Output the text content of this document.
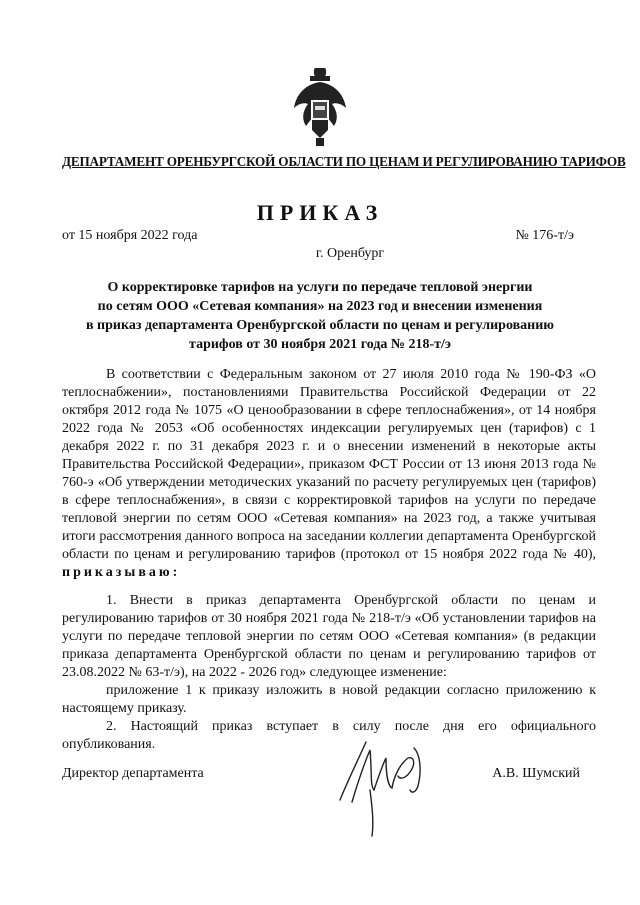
ДЕПАРТАМЕНТ ОРЕНБУРГСКОЙ ОБЛАСТИ ПО ЦЕНАМ И РЕГУЛИРОВАНИЮ ТАРИФОВ
ПРИКАЗ
от 15 ноября 2022 года	№ 176-т/э
г. Оренбург
О корректировке тарифов на услуги по передаче тепловой энергии
по сетям ООО «Сетевая компания» на 2023 год и внесении изменения
в приказ департамента Оренбургской области по ценам и регулированию
тарифов от 30 ноября 2021 года № 218-т/э
В соответствии с Федеральным законом от 27 июля 2010 года № 190-ФЗ «О теплоснабжении», постановлениями Правительства Российской Федерации от 22 октября 2012 года № 1075 «О ценообразовании в сфере теплоснабжения», от 14 ноября 2022 года № 2053 «Об особенностях индексации регулируемых цен (тарифов) с 1 декабря 2022 г. по 31 декабря 2023 г. и о внесении изменений в некоторые акты Правительства Российской Федерации», приказом ФСТ России от 13 июня 2013 года № 760-э «Об утверждении методических указаний по расчету регулируемых цен (тарифов) в сфере теплоснабжения», в связи с корректировкой тарифов на услуги по передаче тепловой энергии по сетям ООО «Сетевая компания» на 2023 год, а также учитывая итоги рассмотрения данного вопроса на заседании коллегии департамента Оренбургской области по ценам и регулированию тарифов (протокол от 15 ноября 2022 года № 40), приказываю:
1. Внести в приказ департамента Оренбургской области по ценам и регулированию тарифов от 30 ноября 2021 года № 218-т/э «Об установлении тарифов на услуги по передаче тепловой энергии по сетям ООО «Сетевая компания» (в редакции приказа департамента Оренбургской области по ценам и регулированию тарифов от 23.08.2022 № 63-т/э), на 2022 - 2026 год» следующее изменение:
приложение 1 к приказу изложить в новой редакции согласно приложению к настоящему приказу.
2. Настоящий приказ вступает в силу после дня его официального опубликования.
Директор департамента	А.В. Шумский
